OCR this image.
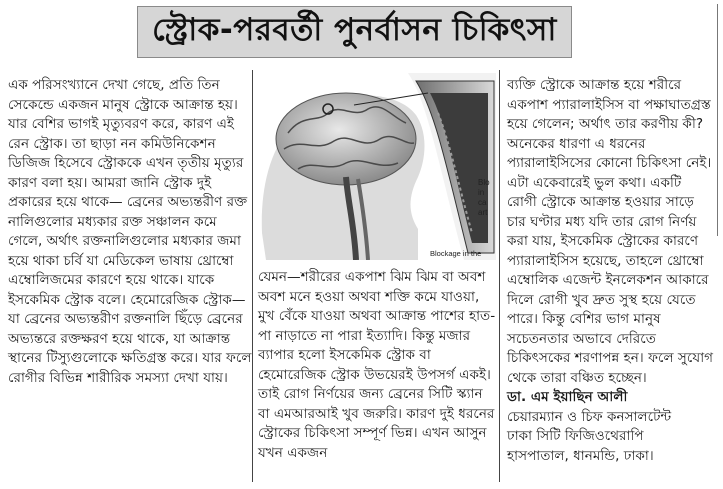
স্ট্রোক-পরবর্তী পুনর্বাসন চিকিৎসা

এক পরিসংখ্যানে দেখা গেছে, প্রতি তিন সেকেন্ডে একজন মানুষ স্ট্রোকে আক্রান্ত হয়। যার বেশির ভাগই মৃত্যুবরণ করে, কারণ এই রেন স্ট্রোক। তা ছাড়া নন কমিউনিকেশন ডিজিজ হিসেবে স্ট্রোককে এখন তৃতীয় মৃত্যুর কারণ বলা হয়। আমরা জানি স্ট্রোক দুই প্রকারের হয়ে থাকে— ব্রেনের অভ্যন্তরীণ রক্ত নালিগুলোর মধ্যকার রক্ত সঞ্চালন কমে গেলে, অর্থাৎ রক্তনালিগুলোর মধ্যকার জমা হয়ে থাকা চর্বি যা মেডিকেল ভাষায় থ্রোম্বো এম্বোলিজমের কারণে হয়ে থাকে। যাকে ইসকেমিক স্ট্রোক বলে। হেমোরেজিক স্ট্রোক—যা ব্রেনের অভ্যন্তরীণ রক্তনালি ছিঁড়ে ব্রেনের অভ্যন্তরে রক্তক্ষরণ হয়ে থাকে, যা আক্রান্ত স্থানের টিস্যুগুলোকে ক্ষতিগ্রস্ত করে। যার ফলে রোগীর বিভিন্ন শারীরিক সমস্যা দেখা যায়।

Blo
in
ca
art
Blockage in the

যেমন—শরীরের একপাশ ঝিম ঝিম বা অবশ অবশ মনে হওয়া অথবা শক্তি কমে যাওয়া, মুখ বেঁকে যাওয়া অথবা আক্রান্ত পাশের হাত-পা নাড়াতে না পারা ইত্যাদি। কিন্তু মজার ব্যাপার হলো ইসকেমিক স্ট্রোক বা হেমোরেজিক স্ট্রোক উভয়েরই উপসর্গ একই। তাই রোগ নির্ণয়ের জন্য ব্রেনের সিটি স্ক্যান বা এমআরআই খুব জরুরি। কারণ দুই ধরনের স্ট্রোকের চিকিৎসা সম্পূর্ণ ভিন্ন। এখন আসুন যখন একজন

ব্যক্তি স্ট্রোকে আক্রান্ত হয়ে শরীরে একপাশ প্যারালাইসিস বা পক্ষাঘাতগ্রস্ত হয়ে গেলেন; অর্থাৎ তার করণীয় কী? অনেকের ধারণা এ ধরনের প্যারালাইসিসের কোনো চিকিৎসা নেই। এটা একেবারেই ভুল কথা। একটি রোগী স্ট্রোকে আক্রান্ত হওয়ার সাড়ে চার ঘণ্টার মধ্য যদি তার রোগ নির্ণয় করা যায়, ইসকেমিক স্ট্রোকের কারণে প্যারালাইসিস হয়েছে, তাহলে থ্রোম্বো এম্বোলিক এজেন্ট ইনলেকশন আকারে দিলে রোগী খুব দ্রুত সুস্থ হয়ে যেতে পারে। কিন্তু বেশির ভাগ মানুষ সচেতনতার অভাবে দেরিতে চিকিৎসকের শরণাপন্ন হন। ফলে সুযোগ থেকে তারা বঞ্চিত হচ্ছেন।

ডা. এম ইয়াছিন আলী

চেয়ারম্যান ও চিফ কনসালটেন্ট

ঢাকা সিটি ফিজিওথেরাপি

হাসপাতাল, ধানমন্ডি, ঢাকা।
